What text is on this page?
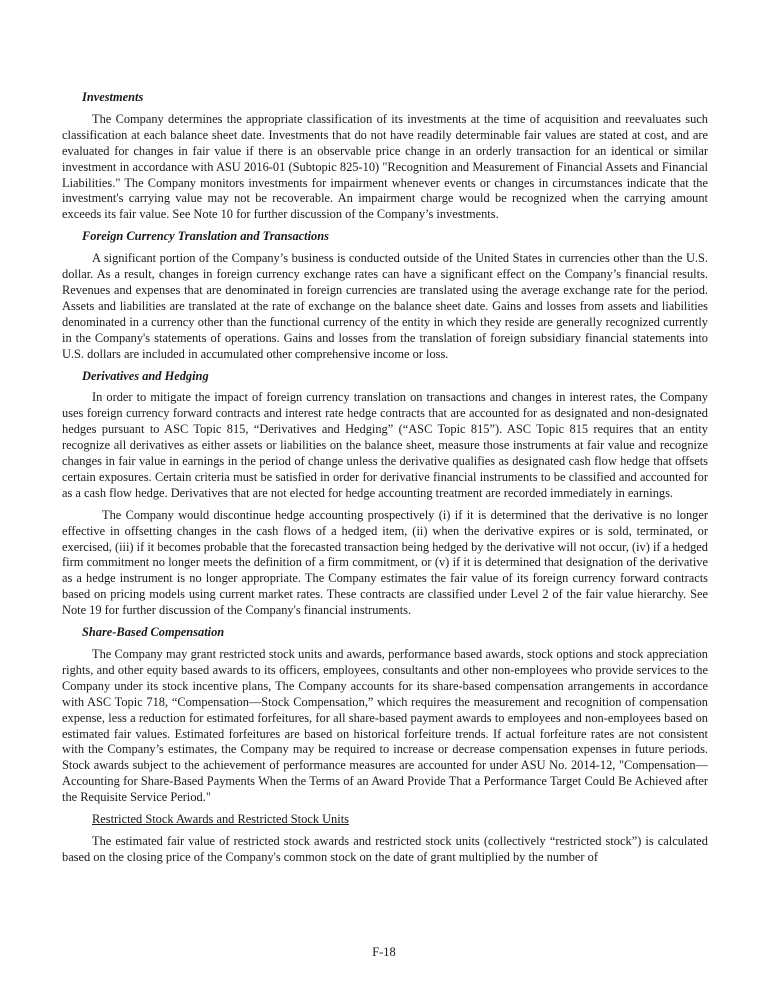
Investments

The Company determines the appropriate classification of its investments at the time of acquisition and reevaluates such classification at each balance sheet date. Investments that do not have readily determinable fair values are stated at cost, and are evaluated for changes in fair value if there is an observable price change in an orderly transaction for an identical or similar investment in accordance with ASU 2016-01 (Subtopic 825-10) "Recognition and Measurement of Financial Assets and Financial Liabilities." The Company monitors investments for impairment whenever events or changes in circumstances indicate that the investment's carrying value may not be recoverable. An impairment charge would be recognized when the carrying amount exceeds its fair value. See Note 10 for further discussion of the Company’s investments.

Foreign Currency Translation and Transactions

A significant portion of the Company’s business is conducted outside of the United States in currencies other than the U.S. dollar. As a result, changes in foreign currency exchange rates can have a significant effect on the Company’s financial results. Revenues and expenses that are denominated in foreign currencies are translated using the average exchange rate for the period. Assets and liabilities are translated at the rate of exchange on the balance sheet date. Gains and losses from assets and liabilities denominated in a currency other than the functional currency of the entity in which they reside are generally recognized currently in the Company's statements of operations. Gains and losses from the translation of foreign subsidiary financial statements into U.S. dollars are included in accumulated other comprehensive income or loss.

Derivatives and Hedging

In order to mitigate the impact of foreign currency translation on transactions and changes in interest rates, the Company uses foreign currency forward contracts and interest rate hedge contracts that are accounted for as designated and non-designated hedges pursuant to ASC Topic 815, “Derivatives and Hedging” (“ASC Topic 815”). ASC Topic 815 requires that an entity recognize all derivatives as either assets or liabilities on the balance sheet, measure those instruments at fair value and recognize changes in fair value in earnings in the period of change unless the derivative qualifies as designated cash flow hedge that offsets certain exposures. Certain criteria must be satisfied in order for derivative financial instruments to be classified and accounted for as a cash flow hedge. Derivatives that are not elected for hedge accounting treatment are recorded immediately in earnings.

The Company would discontinue hedge accounting prospectively (i) if it is determined that the derivative is no longer effective in offsetting changes in the cash flows of a hedged item, (ii) when the derivative expires or is sold, terminated, or exercised, (iii) if it becomes probable that the forecasted transaction being hedged by the derivative will not occur, (iv) if a hedged firm commitment no longer meets the definition of a firm commitment, or (v) if it is determined that designation of the derivative as a hedge instrument is no longer appropriate. The Company estimates the fair value of its foreign currency forward contracts based on pricing models using current market rates. These contracts are classified under Level 2 of the fair value hierarchy. See Note 19 for further discussion of the Company's financial instruments.

Share-Based Compensation

The Company may grant restricted stock units and awards, performance based awards, stock options and stock appreciation rights, and other equity based awards to its officers, employees, consultants and other non-employees who provide services to the Company under its stock incentive plans, The Company accounts for its share-based compensation arrangements in accordance with ASC Topic 718, “Compensation—Stock Compensation,” which requires the measurement and recognition of compensation expense, less a reduction for estimated forfeitures, for all share-based payment awards to employees and non-employees based on estimated fair values. Estimated forfeitures are based on historical forfeiture trends. If actual forfeiture rates are not consistent with the Company’s estimates, the Company may be required to increase or decrease compensation expenses in future periods. Stock awards subject to the achievement of performance measures are accounted for under ASU No. 2014-12, "Compensation—Accounting for Share-Based Payments When the Terms of an Award Provide That a Performance Target Could Be Achieved after the Requisite Service Period."

Restricted Stock Awards and Restricted Stock Units

The estimated fair value of restricted stock awards and restricted stock units (collectively “restricted stock”) is calculated based on the closing price of the Company's common stock on the date of grant multiplied by the number of

F-18
